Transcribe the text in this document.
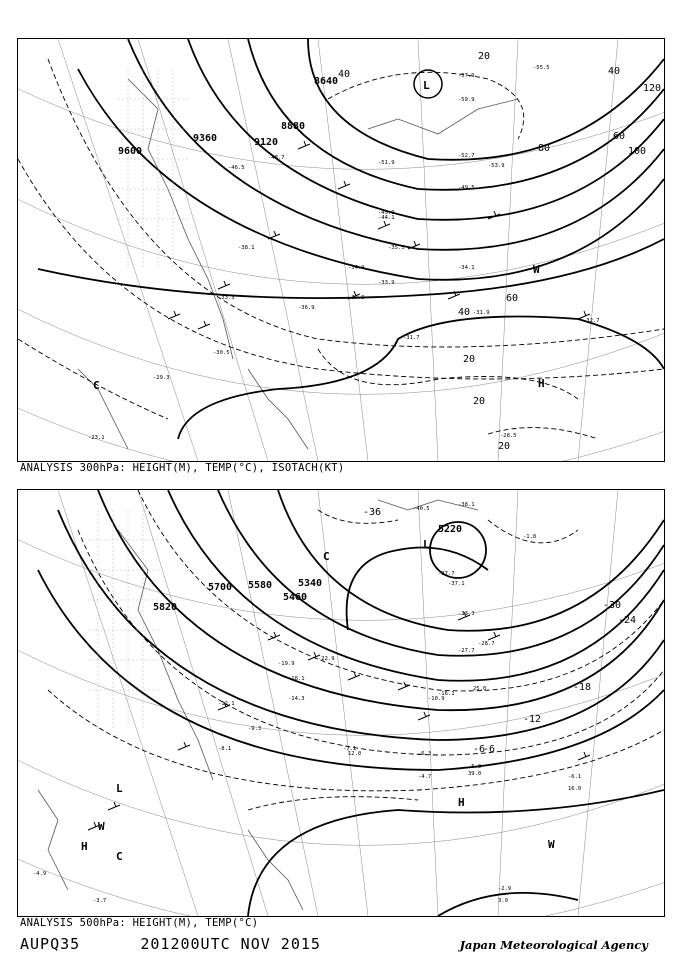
9600
9360	9120
8880
8640
20
40
60
80	100
120
40
60
20
20
20
40
L
H
C
W
-57.9
-59.9
-55.5
-53.9
-52.7
-51.9
-49.5
-45.9
-44.1
-35.5
-34.9	-34.1
-33.9
-31.9
-32.7
-39.9
-36.9
-33.3
-31.7
-30.5
-29.3
-28.5
-23.1
-46.5
-48.7
-38.1
ANALYSIS 300hPa: HEIGHT(M), TEMP(°C), ISOTACH(KT)
5700 5580	5340
5820
5460
5220
-36
-30
-24
-18
-12
-6
-6
L
C
L
H
C
H
W
W
-38.1
-40.5
-37.7
-37.1
-33.3
-28.7
-27.7
-22.9
-19.9
-18.1
-16.1
-14.3
-12.1
-10.9
-9.3
-8.1	-7.1
-6.3
-5.3
-4.7	-6.1
-2.9
-3.7
-4.9
-1.8
3.9
39.0
16.0
25.0
12.0
ANALYSIS 500hPa: HEIGHT(M), TEMP(°C)
AUPQ35	201200UTC NOV 2015	Japan Meteorological Agency
